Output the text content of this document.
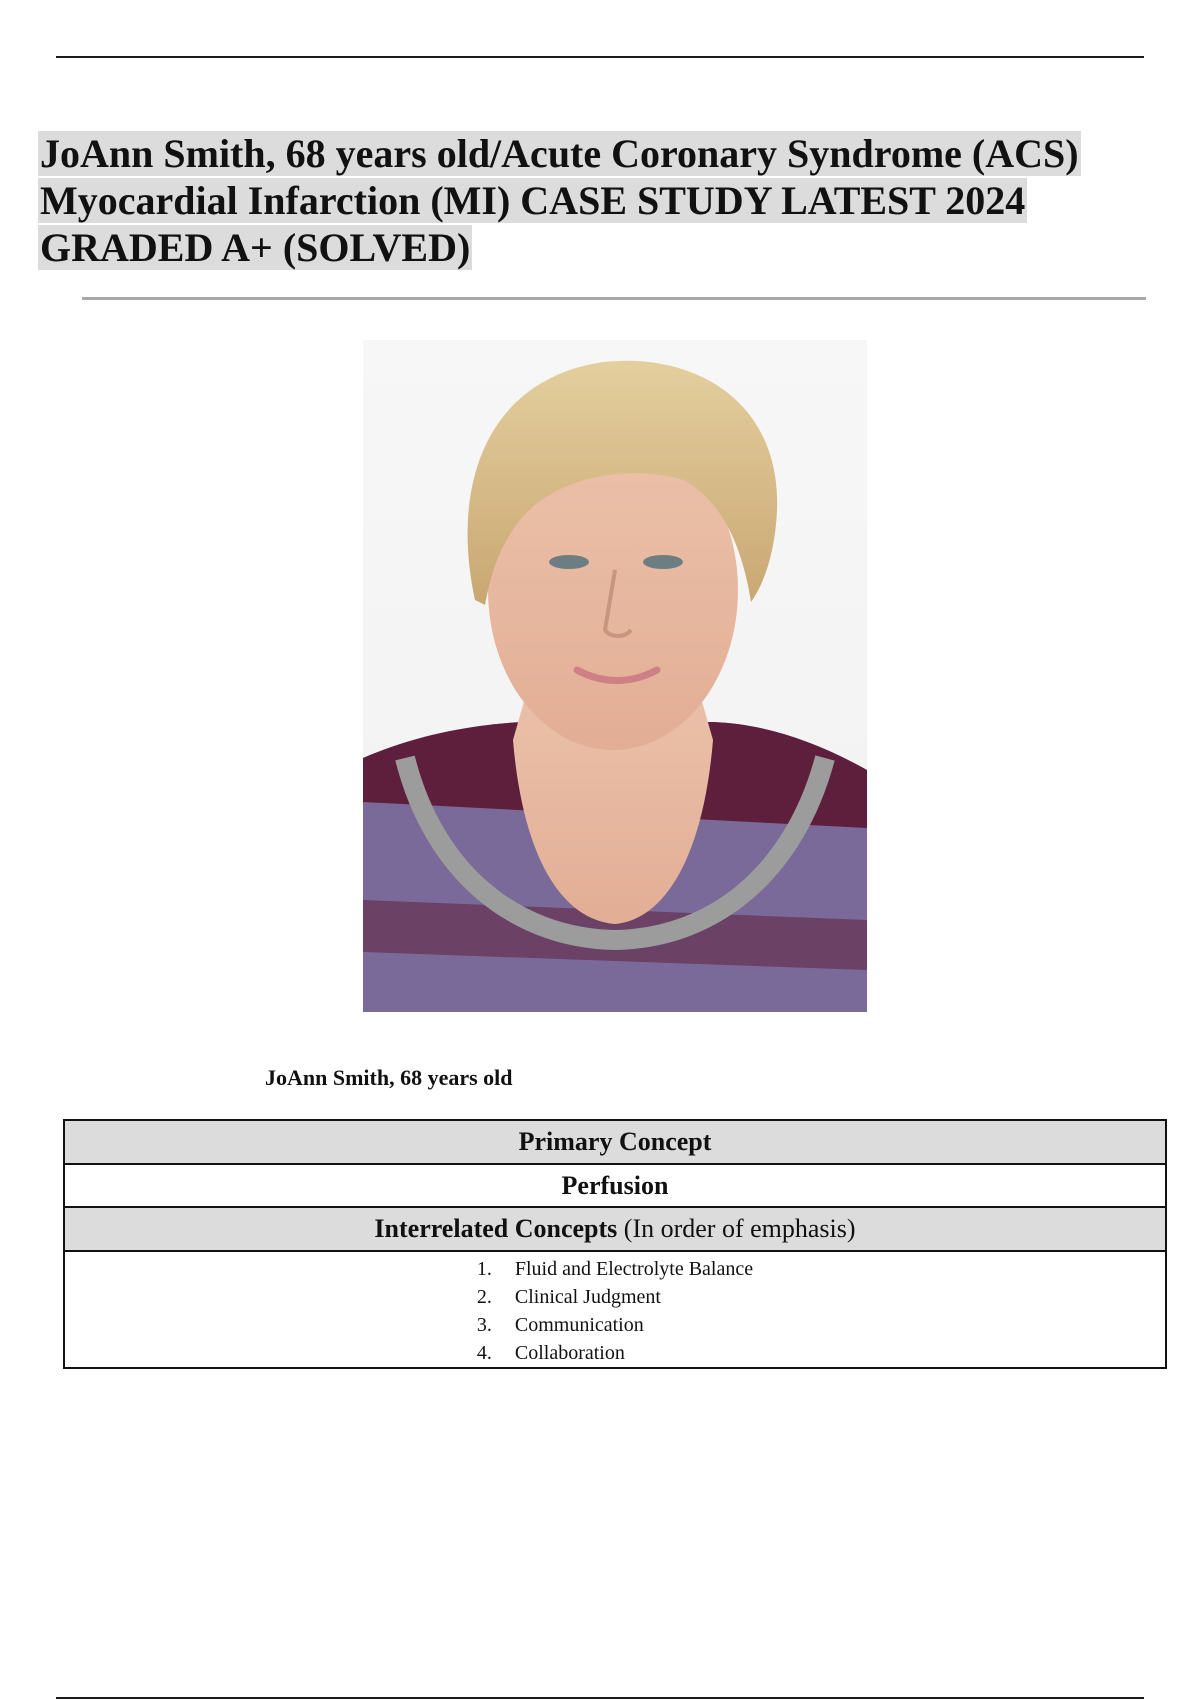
JoAnn Smith, 68 years old/Acute Coronary Syndrome (ACS)
Myocardial Infarction (MI) CASE STUDY LATEST 2024
GRADED A+ (SOLVED)

JoAnn Smith, 68 years old

Primary Concept
Perfusion
Interrelated Concepts (In order of emphasis)

1. Fluid and Electrolyte Balance
2. Clinical Judgment
3. Communication
4. Collaboration
